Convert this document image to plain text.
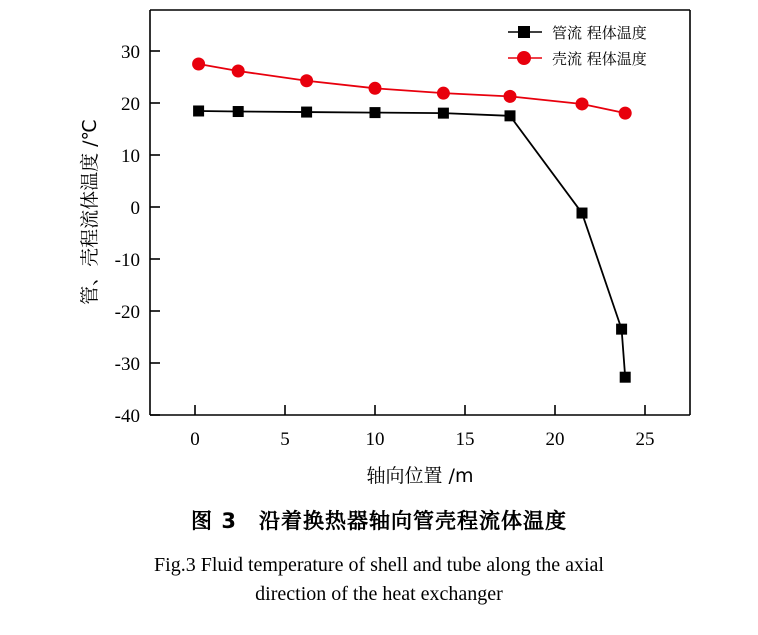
-40
-30
-20
-10
0
10
20
30
0	5	10	15	20	25
轴向位置 /m
管、壳程流体温度 /℃
管流 程体温度
壳流 程体温度

图 3　沿着换热器轴向管壳程流体温度

Fig.3 Fluid temperature of shell and tube along the axial

direction of the heat exchanger
